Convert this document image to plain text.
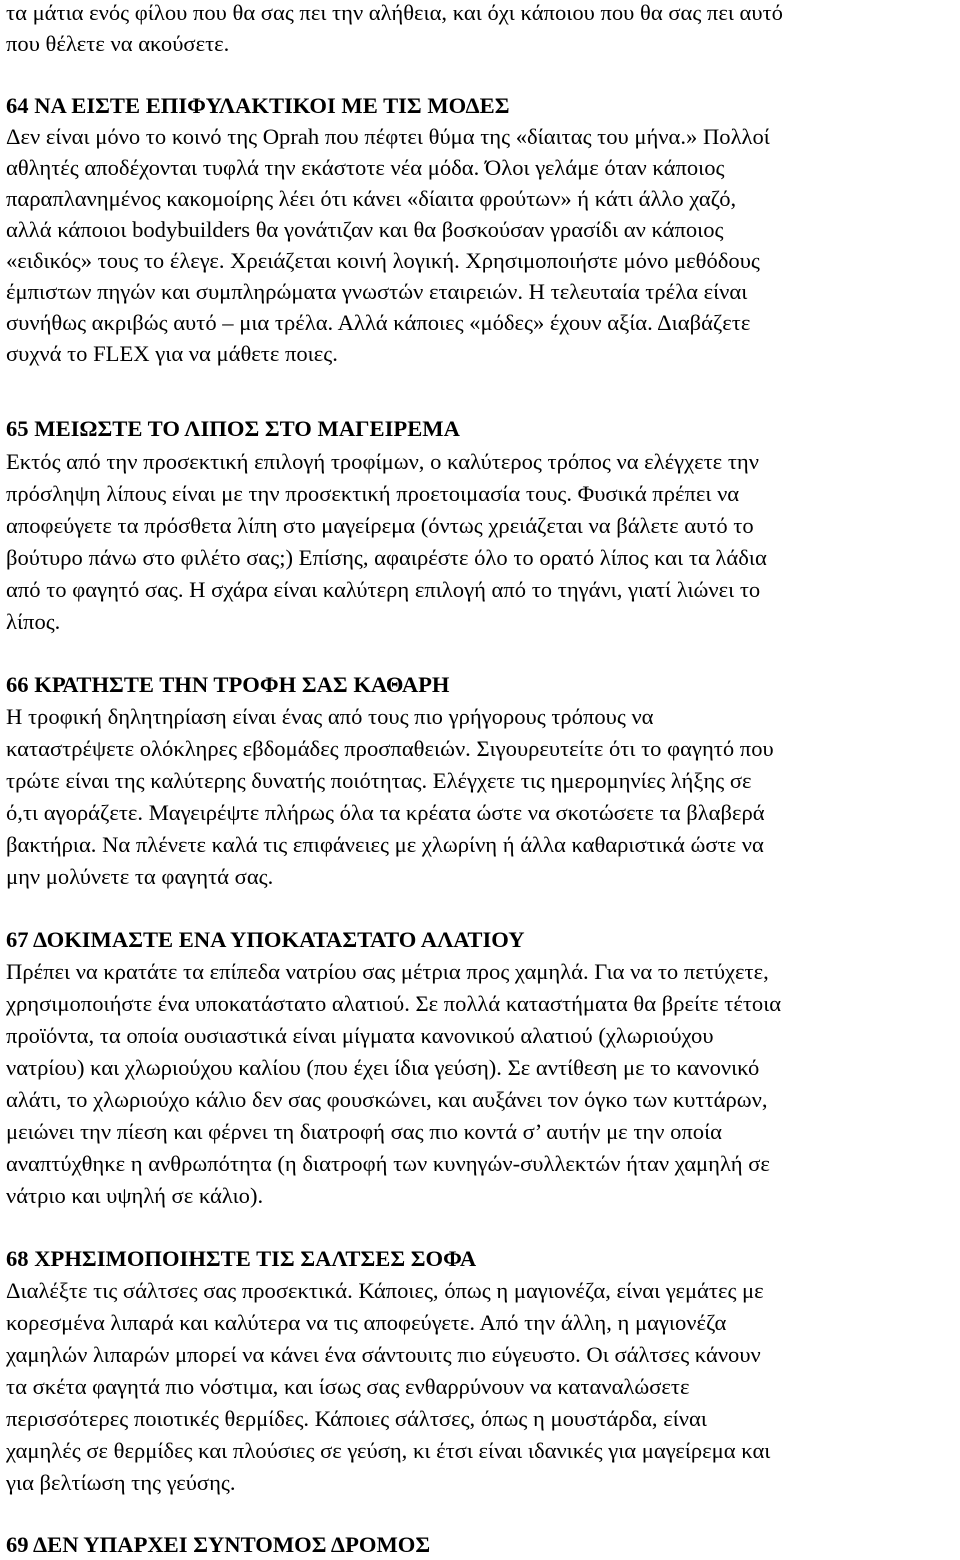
τα μάτια ενός φίλου που θα σας πει την αλήθεια, και όχι κάποιου που θα σας πει αυτό
που θέλετε να ακούσετε.
64 ΝΑ ΕΙΣΤΕ ΕΠΙΦΥΛΑΚΤΙΚΟΙ ΜΕ ΤΙΣ ΜΟΔΕΣ
Δεν είναι μόνο το κοινό της Oprah που πέφτει θύμα της «δίαιτας του μήνα.» Πολλοί
αθλητές αποδέχονται τυφλά την εκάστοτε νέα μόδα. Όλοι γελάμε όταν κάποιος
παραπλανημένος κακομοίρης λέει ότι κάνει «δίαιτα φρούτων» ή κάτι άλλο χαζό,
αλλά κάποιοι bodybuilders θα γονάτιζαν και θα βοσκούσαν γρασίδι αν κάποιος
«ειδικός» τους το έλεγε. Χρειάζεται κοινή λογική. Χρησιμοποιήστε μόνο μεθόδους
έμπιστων πηγών και συμπληρώματα γνωστών εταιρειών. Η τελευταία τρέλα είναι
συνήθως ακριβώς αυτό – μια τρέλα. Αλλά κάποιες «μόδες» έχουν αξία. Διαβάζετε
συχνά το FLEX για να μάθετε ποιες.
65 ΜΕΙΩΣΤΕ ΤΟ ΛΙΠΟΣ ΣΤΟ ΜΑΓΕΙΡΕΜΑ
Εκτός από την προσεκτική επιλογή τροφίμων, ο καλύτερος τρόπος να ελέγχετε την
πρόσληψη λίπους είναι με την προσεκτική προετοιμασία τους. Φυσικά πρέπει να
αποφεύγετε τα πρόσθετα λίπη στο μαγείρεμα (όντως χρειάζεται να βάλετε αυτό το
βούτυρο πάνω στο φιλέτο σας;) Επίσης, αφαιρέστε όλο το ορατό λίπος και τα λάδια
από το φαγητό σας. Η σχάρα είναι καλύτερη επιλογή από το τηγάνι, γιατί λιώνει το
λίπος.
66 ΚΡΑΤΗΣΤΕ ΤΗΝ ΤΡΟΦΗ ΣΑΣ ΚΑΘΑΡΗ
Η τροφική δηλητηρίαση είναι ένας από τους πιο γρήγορους τρόπους να
καταστρέψετε ολόκληρες εβδομάδες προσπαθειών. Σιγουρευτείτε ότι το φαγητό που
τρώτε είναι της καλύτερης δυνατής ποιότητας. Ελέγχετε τις ημερομηνίες λήξης σε
ό,τι αγοράζετε. Μαγειρέψτε πλήρως όλα τα κρέατα ώστε να σκοτώσετε τα βλαβερά
βακτήρια. Να πλένετε καλά τις επιφάνειες με χλωρίνη ή άλλα καθαριστικά ώστε να
μην μολύνετε τα φαγητά σας.
67 ΔΟΚΙΜΑΣΤΕ ΕΝΑ ΥΠΟΚΑΤΑΣΤΑΤΟ ΑΛΑΤΙΟΥ
Πρέπει να κρατάτε τα επίπεδα νατρίου σας μέτρια προς χαμηλά. Για να το πετύχετε,
χρησιμοποιήστε ένα υποκατάστατο αλατιού. Σε πολλά καταστήματα θα βρείτε τέτοια
προϊόντα, τα οποία ουσιαστικά είναι μίγματα κανονικού αλατιού (χλωριούχου
νατρίου) και χλωριούχου καλίου (που έχει ίδια γεύση). Σε αντίθεση με το κανονικό
αλάτι, το χλωριούχο κάλιο δεν σας φουσκώνει, και αυξάνει τον όγκο των κυττάρων,
μειώνει την πίεση και φέρνει τη διατροφή σας πιο κοντά σ’ αυτήν με την οποία
αναπτύχθηκε η ανθρωπότητα (η διατροφή των κυνηγών-συλλεκτών ήταν χαμηλή σε
νάτριο και υψηλή σε κάλιο).
68 ΧΡΗΣΙΜΟΠΟΙΗΣΤΕ ΤΙΣ ΣΑΛΤΣΕΣ ΣΟΦΑ
Διαλέξτε τις σάλτσες σας προσεκτικά. Κάποιες, όπως η μαγιονέζα, είναι γεμάτες με
κορεσμένα λιπαρά και καλύτερα να τις αποφεύγετε. Από την άλλη, η μαγιονέζα
χαμηλών λιπαρών μπορεί να κάνει ένα σάντουιτς πιο εύγευστο. Οι σάλτσες κάνουν
τα σκέτα φαγητά πιο νόστιμα, και ίσως σας ενθαρρύνουν να καταναλώσετε
περισσότερες ποιοτικές θερμίδες. Κάποιες σάλτσες, όπως η μουστάρδα, είναι
χαμηλές σε θερμίδες και πλούσιες σε γεύση, κι έτσι είναι ιδανικές για μαγείρεμα και
για βελτίωση της γεύσης.
69 ΔΕΝ ΥΠΑΡΧΕΙ ΣΥΝΤΟΜΟΣ ΔΡΟΜΟΣ
